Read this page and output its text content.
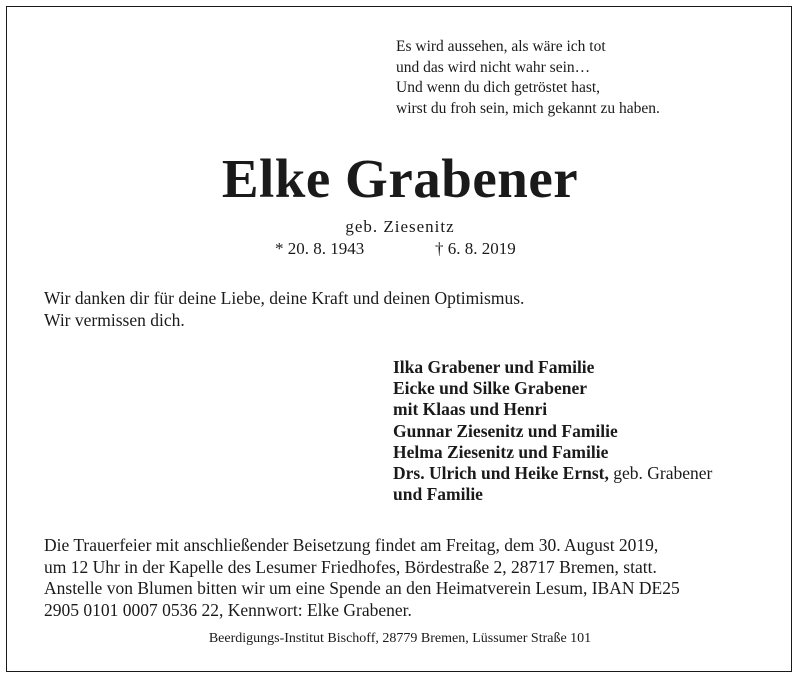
Es wird aussehen, als wäre ich tot
und das wird nicht wahr sein…
Und wenn du dich getröstet hast,
wirst du froh sein, mich gekannt zu haben.
Elke Grabener
geb. Ziesenitz
* 20. 8. 1943	† 6. 8. 2019
Wir danken dir für deine Liebe, deine Kraft und deinen Optimismus.
Wir vermissen dich.
Ilka Grabener und Familie
Eicke und Silke Grabener
mit Klaas und Henri
Gunnar Ziesenitz und Familie
Helma Ziesenitz und Familie
Drs. Ulrich und Heike Ernst, geb. Grabener
und Familie
Die Trauerfeier mit anschließender Beisetzung findet am Freitag, dem 30. August 2019,
um 12 Uhr in der Kapelle des Lesumer Friedhofes, Bördestraße 2, 28717 Bremen, statt.
Anstelle von Blumen bitten wir um eine Spende an den Heimatverein Lesum, IBAN DE25
2905 0101 0007 0536 22, Kennwort: Elke Grabener.
Beerdigungs-Institut Bischoff, 28779 Bremen, Lüssumer Straße 101
